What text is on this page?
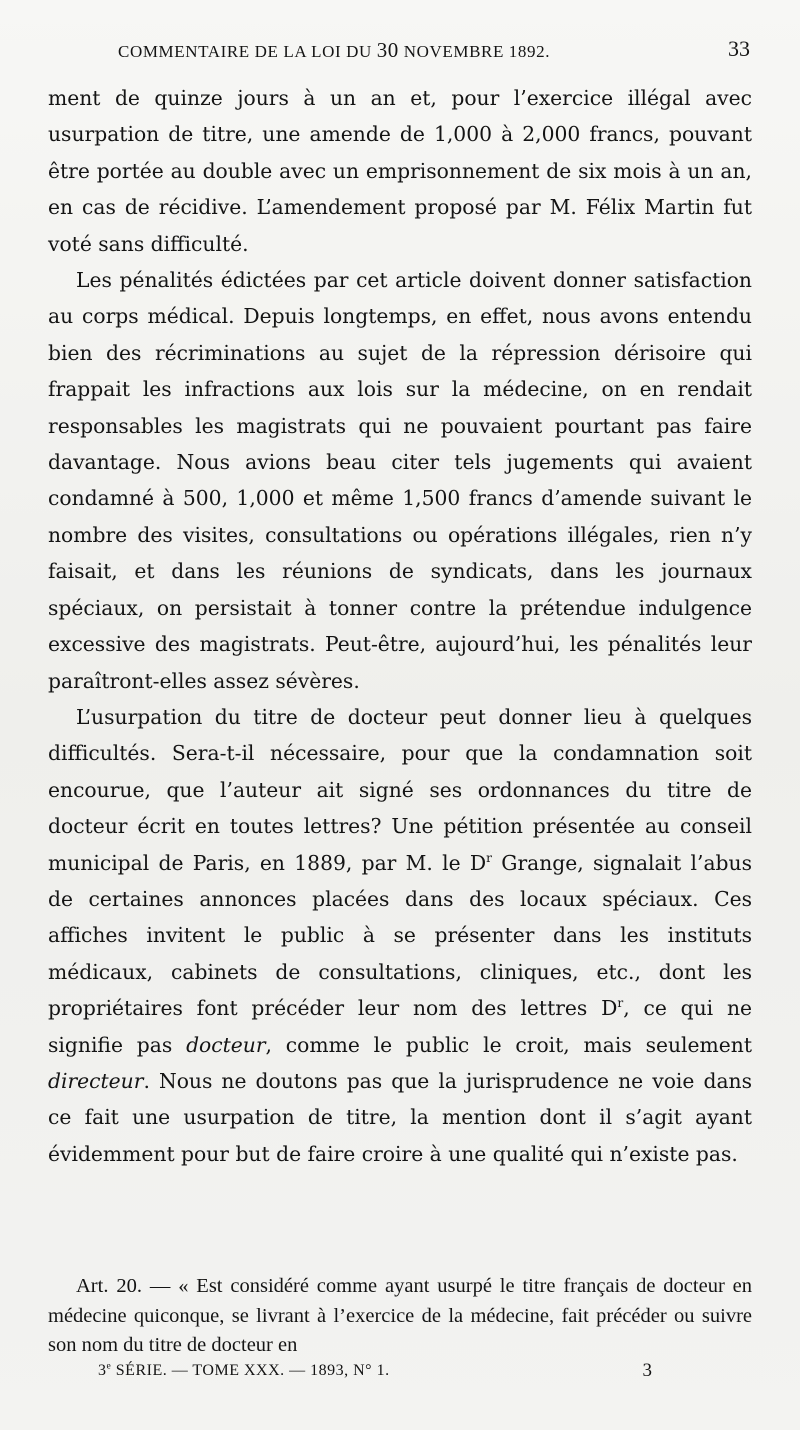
COMMENTAIRE DE LA LOI DU 30 NOVEMBRE 1892.	33

ment de quinze jours à un an et, pour l’exercice illégal avec usurpation de titre, une amende de 1,000 à 2,000 francs, pouvant être portée au double avec un emprisonnement de six mois à un an, en cas de récidive. L’amendement proposé par M. Félix Martin fut voté sans difficulté.

Les pénalités édictées par cet article doivent donner satisfaction au corps médical. Depuis longtemps, en effet, nous avons entendu bien des récriminations au sujet de la répression dérisoire qui frappait les infractions aux lois sur la médecine, on en rendait responsables les magistrats qui ne pouvaient pourtant pas faire davantage. Nous avions beau citer tels jugements qui avaient condamné à 500, 1,000 et même 1,500 francs d’amende suivant le nombre des visites, consultations ou opérations illégales, rien n’y faisait, et dans les réunions de syndicats, dans les journaux spéciaux, on persistait à tonner contre la prétendue indulgence excessive des magistrats. Peut-être, aujourd’hui, les pénalités leur paraîtront-elles assez sévères.

L’usurpation du titre de docteur peut donner lieu à quelques difficultés. Sera-t-il nécessaire, pour que la condamnation soit encourue, que l’auteur ait signé ses ordonnances du titre de docteur écrit en toutes lettres? Une pétition présentée au conseil municipal de Paris, en 1889, par M. le $D^r$ Grange, signalait l’abus de certaines annonces placées dans des locaux spéciaux. Ces affiches invitent le public à se présenter dans les instituts médicaux, cabinets de consultations, cliniques, etc., dont les propriétaires font précéder leur nom des lettres $D^r$, ce qui ne signifie pas docteur, comme le public le croit, mais seulement directeur. Nous ne doutons pas que la jurisprudence ne voie dans ce fait une usurpation de titre, la mention dont il s’agit ayant évidemment pour but de faire croire à une qualité qui n’existe pas.

Art. 20. — « Est considéré comme ayant usurpé le titre français de docteur en médecine quiconque, se livrant à l’exercice de la médecine, fait précéder ou suivre son nom du titre de docteur en

3e SÉRIE. — TOME XXX. — 1893, N° 1.	3
